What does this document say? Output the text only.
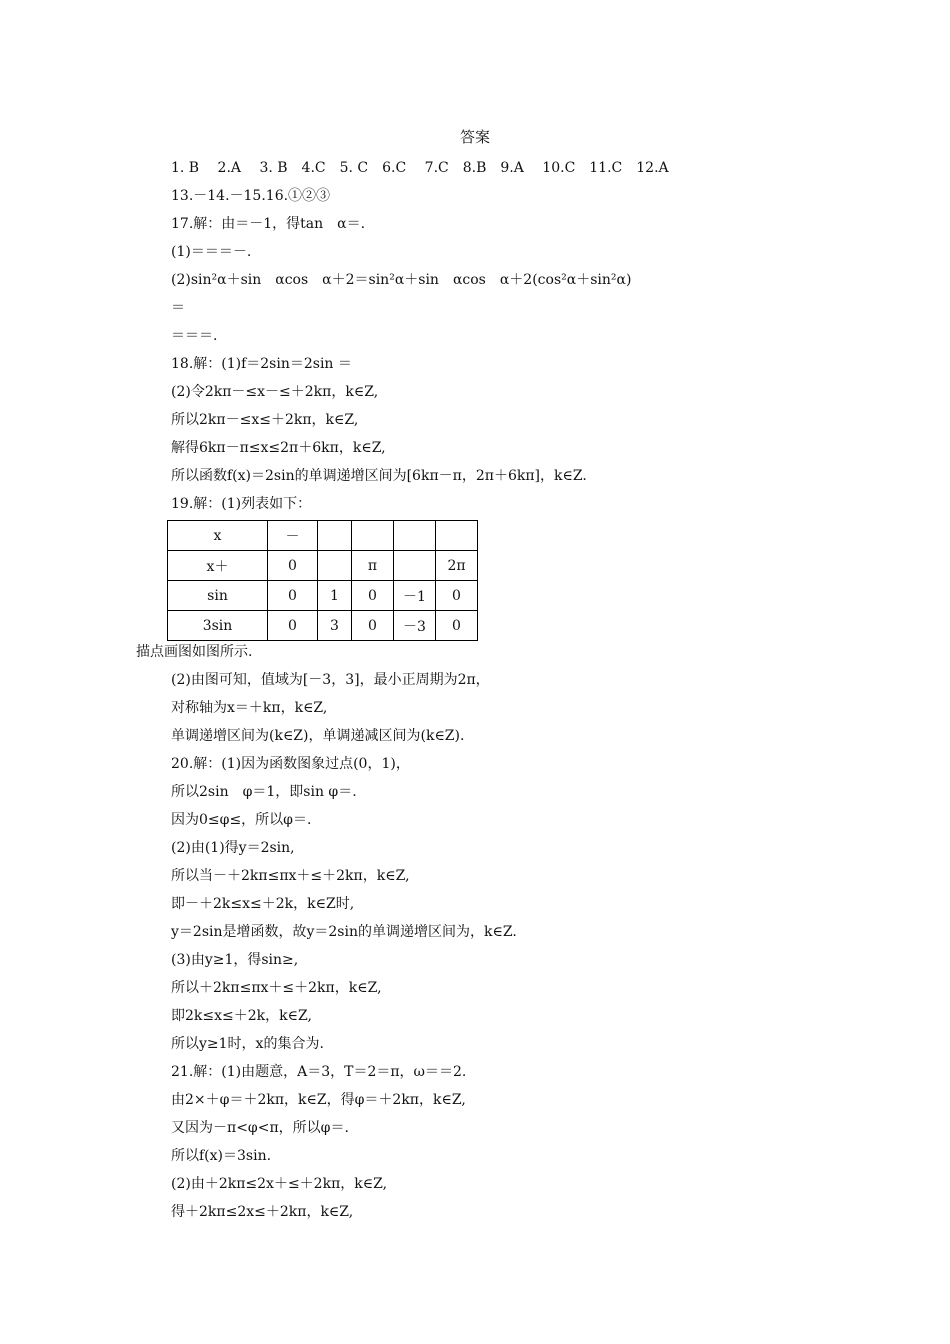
答案
1. B　 2.A　 3. B　4.C　5. C　6.C　 7.C　8.B　9.A　 10.C　11.C　12.A
13.－14.－15.16.①②③
17.解：由＝－1，得tan　α＝.
(1)＝＝＝－.
(2)sin²α＋sin　αcos　α＋2＝sin²α＋sin　αcos　α＋2(cos²α＋sin²α)
＝
＝＝＝.
18.解：(1)f＝2sin＝2sin ＝
(2)令2kπ－≤x－≤＋2kπ，k∈Z,
所以2kπ－≤x≤＋2kπ，k∈Z,
解得6kπ－π≤x≤2π＋6kπ，k∈Z,
所以函数f(x)＝2sin的单调递增区间为[6kπ－π，2π＋6kπ]，k∈Z.
19.解：(1)列表如下：
x	－				
x＋	0		π		2π
sin	0	1	0	－1	0
3sin	0	3	0	－3	0
描点画图如图所示.
(2)由图可知，值域为[－3，3]，最小正周期为2π，
对称轴为x＝＋kπ，k∈Z,
单调递增区间为(k∈Z)，单调递减区间为(k∈Z).
20.解：(1)因为函数图象过点(0，1)，
所以2sin　φ＝1，即sin φ＝.
因为0≤φ≤，所以φ＝.
(2)由(1)得y＝2sin,
所以当－＋2kπ≤πx＋≤＋2kπ，k∈Z,
即－＋2k≤x≤＋2k，k∈Z时,
y＝2sin是增函数，故y＝2sin的单调递增区间为，k∈Z.
(3)由y≥1，得sin≥,
所以＋2kπ≤πx＋≤＋2kπ，k∈Z,
即2k≤x≤＋2k，k∈Z,
所以y≥1时，x的集合为.
21.解：(1)由题意，A＝3，T＝2＝π，ω＝＝2.
由2×＋φ＝＋2kπ，k∈Z，得φ＝＋2kπ，k∈Z,
又因为－π<φ<π，所以φ＝.
所以f(x)＝3sin.
(2)由＋2kπ≤2x＋≤＋2kπ，k∈Z,
得＋2kπ≤2x≤＋2kπ，k∈Z,
